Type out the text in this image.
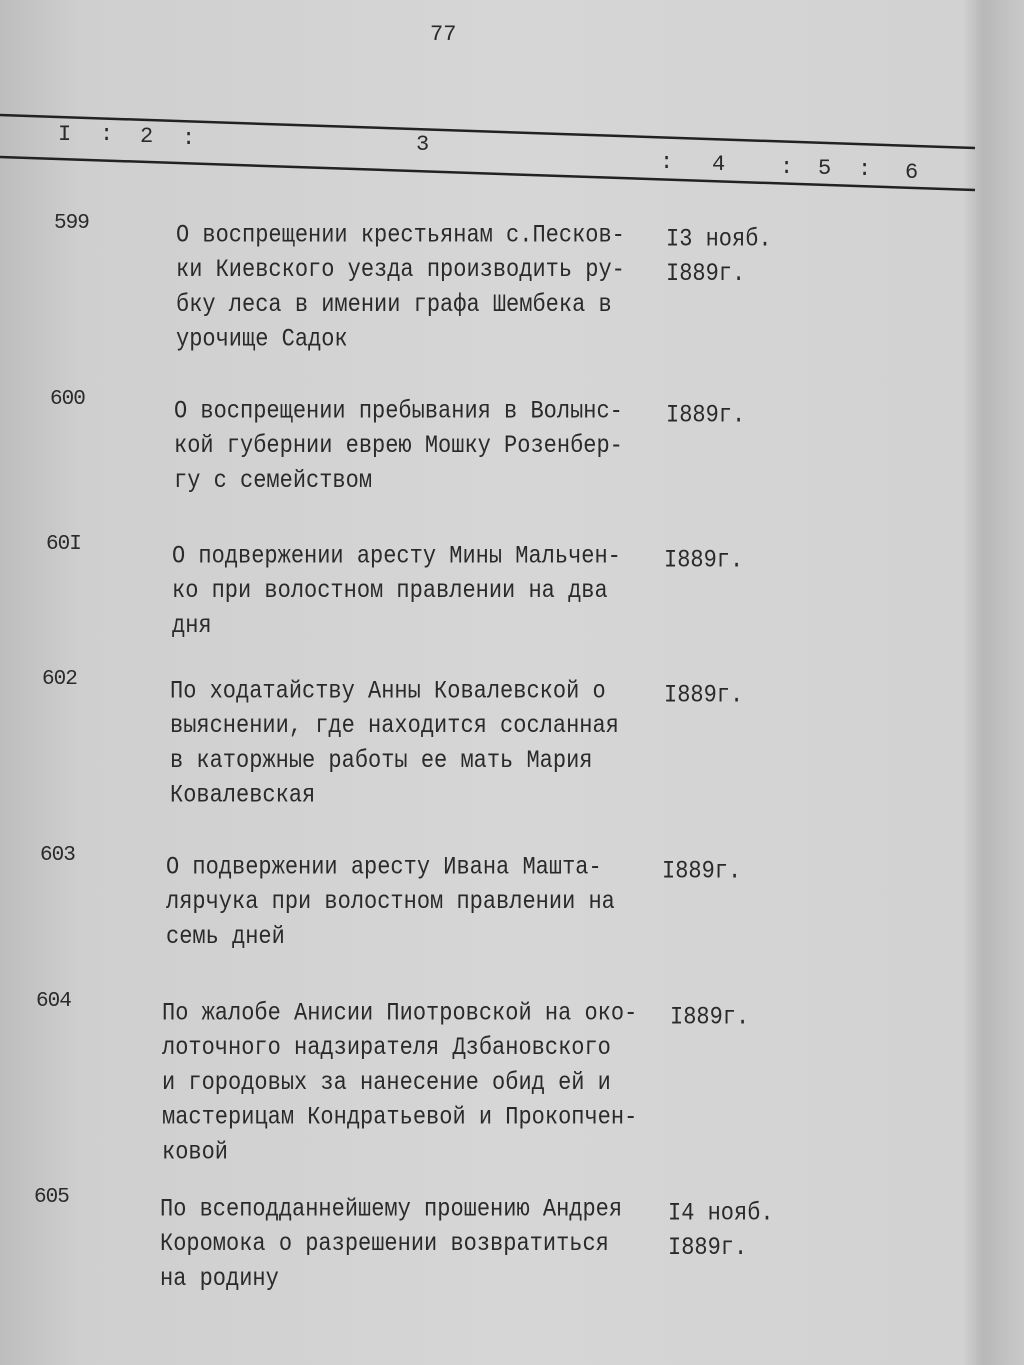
77
I : 2 :	3
: 4 : 5 : 6
599	О воспрещении крестьянам с.Песков-
ки Киевского уезда производить ру-
бку леса в имении графа Шембека в
урочище Садок
I3 нояб.
I889г.
600	О воспрещении пребывания в Волынс-
кой губернии еврею Мошку Розенбер-
гу с семейством
I889г.
60I	О подвержении аресту Мины Мальчен-
ко при волостном правлении на два
дня
I889г.
602	По ходатайству Анны Ковалевской о
выяснении, где находится сосланная
в каторжные работы ее мать Мария
Ковалевская
I889г.
603	О подвержении аресту Ивана Машта-
лярчука при волостном правлении на
семь дней
I889г.
604	По жалобе Анисии Пиотровской на око-
лоточного надзирателя Дзбановского
и городовых за нанесение обид ей и
мастерицам Кондратьевой и Прокопчен-
ковой
I889г.
605	По всеподданнейшему прошению Андрея
Коромока о разрешении возвратиться
на родину
I4 нояб.
I889г.
